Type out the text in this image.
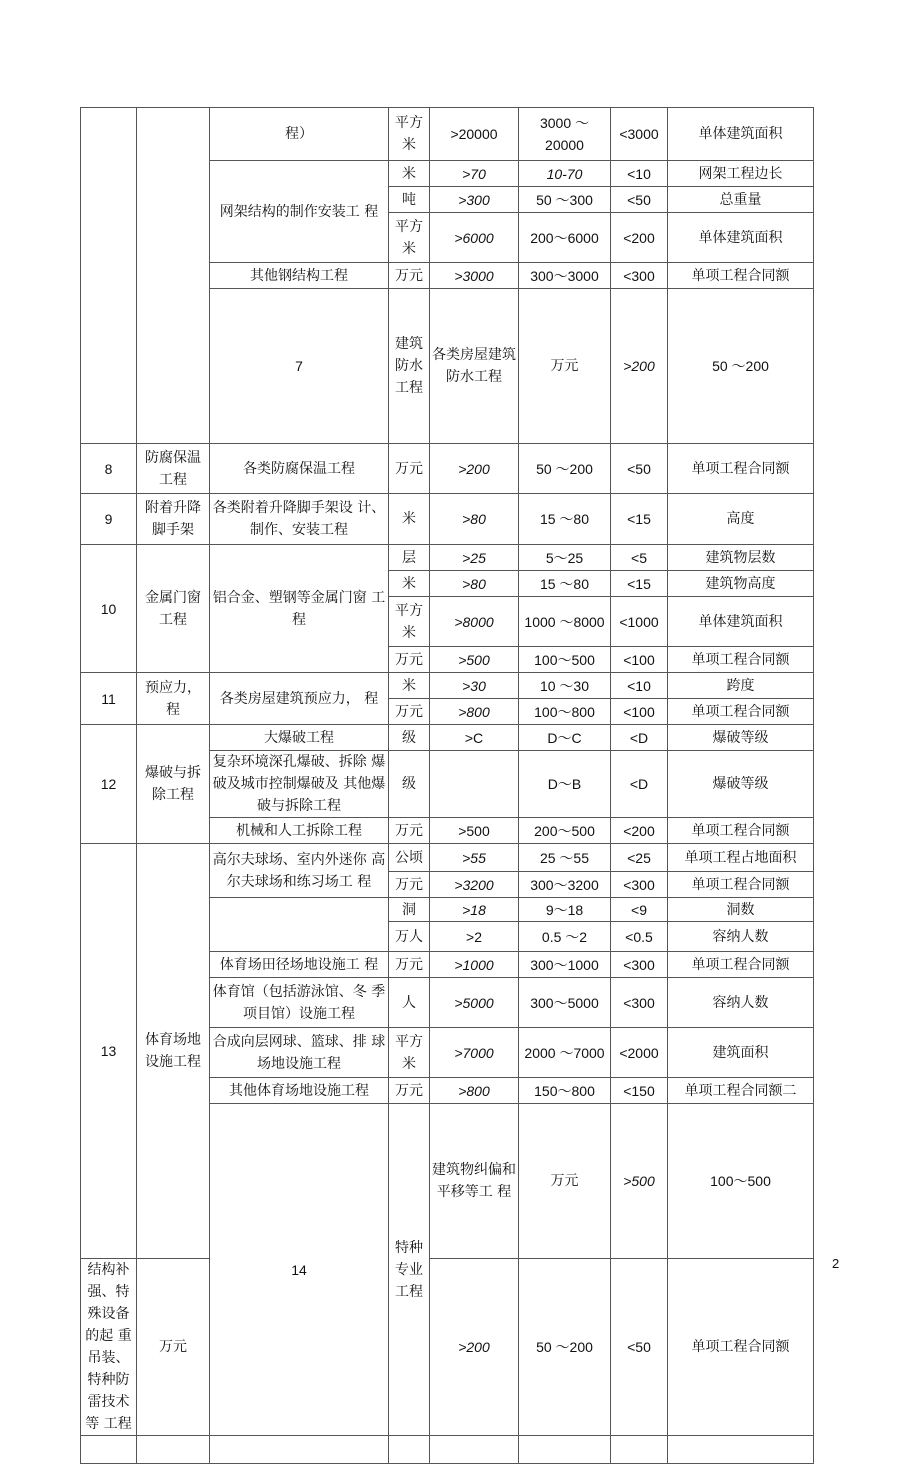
		程）	平方米	>20000	3000 ～ 20000	<3000	单体建筑面积	
		网架结构的制作安装工 程	米	>70	10-70	<10	网架工程边长	
			吨	>300	50 ～300	<50	总重量	
			平方米	>6000	200～6000	<200	单体建筑面积	
		其他钢结构工程	万元	>3000	300～3000	<300	单项工程合同额	
		7	建筑防水工程	各类房屋建筑防水工程	万元	>200	50 ～200		
8	防腐保温工程	各类防腐保温工程	万元	>200	50 ～200	<50	单项工程合同额	
9	附着升降脚手架	各类附着升降脚手架设 计、制作、安装工程	米	>80	15 ～80	<15	高度	
10	金属门窗工程	铝合金、塑钢等金属门窗 工 程	层	>25	5～25	<5	建筑物层数	
			米	>80	15 ～80	<15	建筑物高度	
			平方米	>8000	1000 ～8000	<1000	单体建筑面积	
			万元	>500	100～500	<100	单项工程合同额	
11	预应力，程	各类房屋建筑预应力， 程	米	>30	10 ～30	<10	跨度	
			万元	>800	100～800	<100	单项工程合同额	
12	爆破与拆除工程	大爆破工程	级	>C	D～C	<D	爆破等级	
		复杂环境深孔爆破、拆除 爆破及城巿控制爆破及 其他爆破与拆除工程	级		D～B	<D	爆破等级	
		机械和人工拆除工程	万元	>500	200～500	<200	单项工程合同额	
13	体育场地设施工程	高尔夫球场、室内外迷你 高尔夫球场和练习场工 程	公顷	>55	25 ～55	<25	单项工程占地面积	
			万元	>3200	300～3200	<300	单项工程合同额	
			洞	>18	9～18	<9	洞数	
			万人	>2	0.5 ～2	<0.5	容纳人数	
		体育场田径场地设施工 程	万元	>1000	300～1000	<300	单项工程合同额	
		体育馆（包括游泳馆、冬 季项目馆）设施工程	人	>5000	300～5000	<300	容纳人数	
		合成向层网球、篮球、排 球场地设施工程	平方米	>7000	2000 ～7000	<2000	建筑面积	
		其他体育场地设施工程	万元	>800	150～800	<150	单项工程合同额二	
		14	特种专业工程	建筑物纠偏和平移等工 程	万元	>500	100～500		
结构补强、特殊设备的起 重吊装、特种防雷技术等 工程	万元			>200	50 ～200	<50	单项工程合同额	

2
